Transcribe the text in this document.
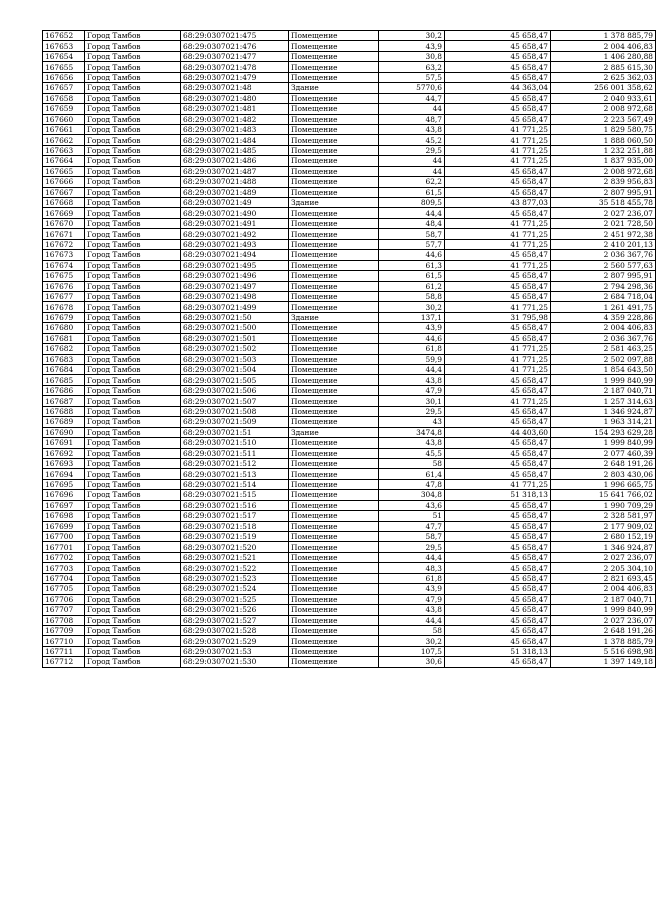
167652	Город Тамбов	68:29:0307021:475	Помещение	30,2	45 658,47	1 378 885,79
167653	Город Тамбов	68:29:0307021:476	Помещение	43,9	45 658,47	2 004 406,83
167654	Город Тамбов	68:29:0307021:477	Помещение	30,8	45 658,47	1 406 280,88
167655	Город Тамбов	68:29:0307021:478	Помещение	63,2	45 658,47	2 885 615,30
167656	Город Тамбов	68:29:0307021:479	Помещение	57,5	45 658,47	2 625 362,03
167657	Город Тамбов	68:29:0307021:48	Здание	5770,6	44 363,04	256 001 358,62
167658	Город Тамбов	68:29:0307021:480	Помещение	44,7	45 658,47	2 040 933,61
167659	Город Тамбов	68:29:0307021:481	Помещение	44	45 658,47	2 008 972,68
167660	Город Тамбов	68:29:0307021:482	Помещение	48,7	45 658,47	2 223 567,49
167661	Город Тамбов	68:29:0307021:483	Помещение	43,8	41 771,25	1 829 580,75
167662	Город Тамбов	68:29:0307021:484	Помещение	45,2	41 771,25	1 888 060,50
167663	Город Тамбов	68:29:0307021:485	Помещение	29,5	41 771,25	1 232 251,88
167664	Город Тамбов	68:29:0307021:486	Помещение	44	41 771,25	1 837 935,00
167665	Город Тамбов	68:29:0307021:487	Помещение	44	45 658,47	2 008 972,68
167666	Город Тамбов	68:29:0307021:488	Помещение	62,2	45 658,47	2 839 956,83
167667	Город Тамбов	68:29:0307021:489	Помещение	61,5	45 658,47	2 807 995,91
167668	Город Тамбов	68:29:0307021:49	Здание	809,5	43 877,03	35 518 455,78
167669	Город Тамбов	68:29:0307021:490	Помещение	44,4	45 658,47	2 027 236,07
167670	Город Тамбов	68:29:0307021:491	Помещение	48,4	41 771,25	2 021 728,50
167671	Город Тамбов	68:29:0307021:492	Помещение	58,7	41 771,25	2 451 972,38
167672	Город Тамбов	68:29:0307021:493	Помещение	57,7	41 771,25	2 410 201,13
167673	Город Тамбов	68:29:0307021:494	Помещение	44,6	45 658,47	2 036 367,76
167674	Город Тамбов	68:29:0307021:495	Помещение	61,3	41 771,25	2 560 577,63
167675	Город Тамбов	68:29:0307021:496	Помещение	61,5	45 658,47	2 807 995,91
167676	Город Тамбов	68:29:0307021:497	Помещение	61,2	45 658,47	2 794 298,36
167677	Город Тамбов	68:29:0307021:498	Помещение	58,8	45 658,47	2 684 718,04
167678	Город Тамбов	68:29:0307021:499	Помещение	30,2	41 771,25	1 261 491,75
167679	Город Тамбов	68:29:0307021:50	Здание	137,1	31 795,98	4 359 228,86
167680	Город Тамбов	68:29:0307021:500	Помещение	43,9	45 658,47	2 004 406,83
167681	Город Тамбов	68:29:0307021:501	Помещение	44,6	45 658,47	2 036 367,76
167682	Город Тамбов	68:29:0307021:502	Помещение	61,8	41 771,25	2 581 463,25
167683	Город Тамбов	68:29:0307021:503	Помещение	59,9	41 771,25	2 502 097,88
167684	Город Тамбов	68:29:0307021:504	Помещение	44,4	41 771,25	1 854 643,50
167685	Город Тамбов	68:29:0307021:505	Помещение	43,8	45 658,47	1 999 840,99
167686	Город Тамбов	68:29:0307021:506	Помещение	47,9	45 658,47	2 187 040,71
167687	Город Тамбов	68:29:0307021:507	Помещение	30,1	41 771,25	1 257 314,63
167688	Город Тамбов	68:29:0307021:508	Помещение	29,5	45 658,47	1 346 924,87
167689	Город Тамбов	68:29:0307021:509	Помещение	43	45 658,47	1 963 314,21
167690	Город Тамбов	68:29:0307021:51	Здание	3474,8	44 403,60	154 293 629,28
167691	Город Тамбов	68:29:0307021:510	Помещение	43,8	45 658,47	1 999 840,99
167692	Город Тамбов	68:29:0307021:511	Помещение	45,5	45 658,47	2 077 460,39
167693	Город Тамбов	68:29:0307021:512	Помещение	58	45 658,47	2 648 191,26
167694	Город Тамбов	68:29:0307021:513	Помещение	61,4	45 658,47	2 803 430,06
167695	Город Тамбов	68:29:0307021:514	Помещение	47,8	41 771,25	1 996 665,75
167696	Город Тамбов	68:29:0307021:515	Помещение	304,8	51 318,13	15 641 766,02
167697	Город Тамбов	68:29:0307021:516	Помещение	43,6	45 658,47	1 990 709,29
167698	Город Тамбов	68:29:0307021:517	Помещение	51	45 658,47	2 328 581,97
167699	Город Тамбов	68:29:0307021:518	Помещение	47,7	45 658,47	2 177 909,02
167700	Город Тамбов	68:29:0307021:519	Помещение	58,7	45 658,47	2 680 152,19
167701	Город Тамбов	68:29:0307021:520	Помещение	29,5	45 658,47	1 346 924,87
167702	Город Тамбов	68:29:0307021:521	Помещение	44,4	45 658,47	2 027 236,07
167703	Город Тамбов	68:29:0307021:522	Помещение	48,3	45 658,47	2 205 304,10
167704	Город Тамбов	68:29:0307021:523	Помещение	61,8	45 658,47	2 821 693,45
167705	Город Тамбов	68:29:0307021:524	Помещение	43,9	45 658,47	2 004 406,83
167706	Город Тамбов	68:29:0307021:525	Помещение	47,9	45 658,47	2 187 040,71
167707	Город Тамбов	68:29:0307021:526	Помещение	43,8	45 658,47	1 999 840,99
167708	Город Тамбов	68:29:0307021:527	Помещение	44,4	45 658,47	2 027 236,07
167709	Город Тамбов	68:29:0307021:528	Помещение	58	45 658,47	2 648 191,26
167710	Город Тамбов	68:29:0307021:529	Помещение	30,2	45 658,47	1 378 885,79
167711	Город Тамбов	68:29:0307021:53	Помещение	107,5	51 318,13	5 516 698,98
167712	Город Тамбов	68:29:0307021:530	Помещение	30,6	45 658,47	1 397 149,18
